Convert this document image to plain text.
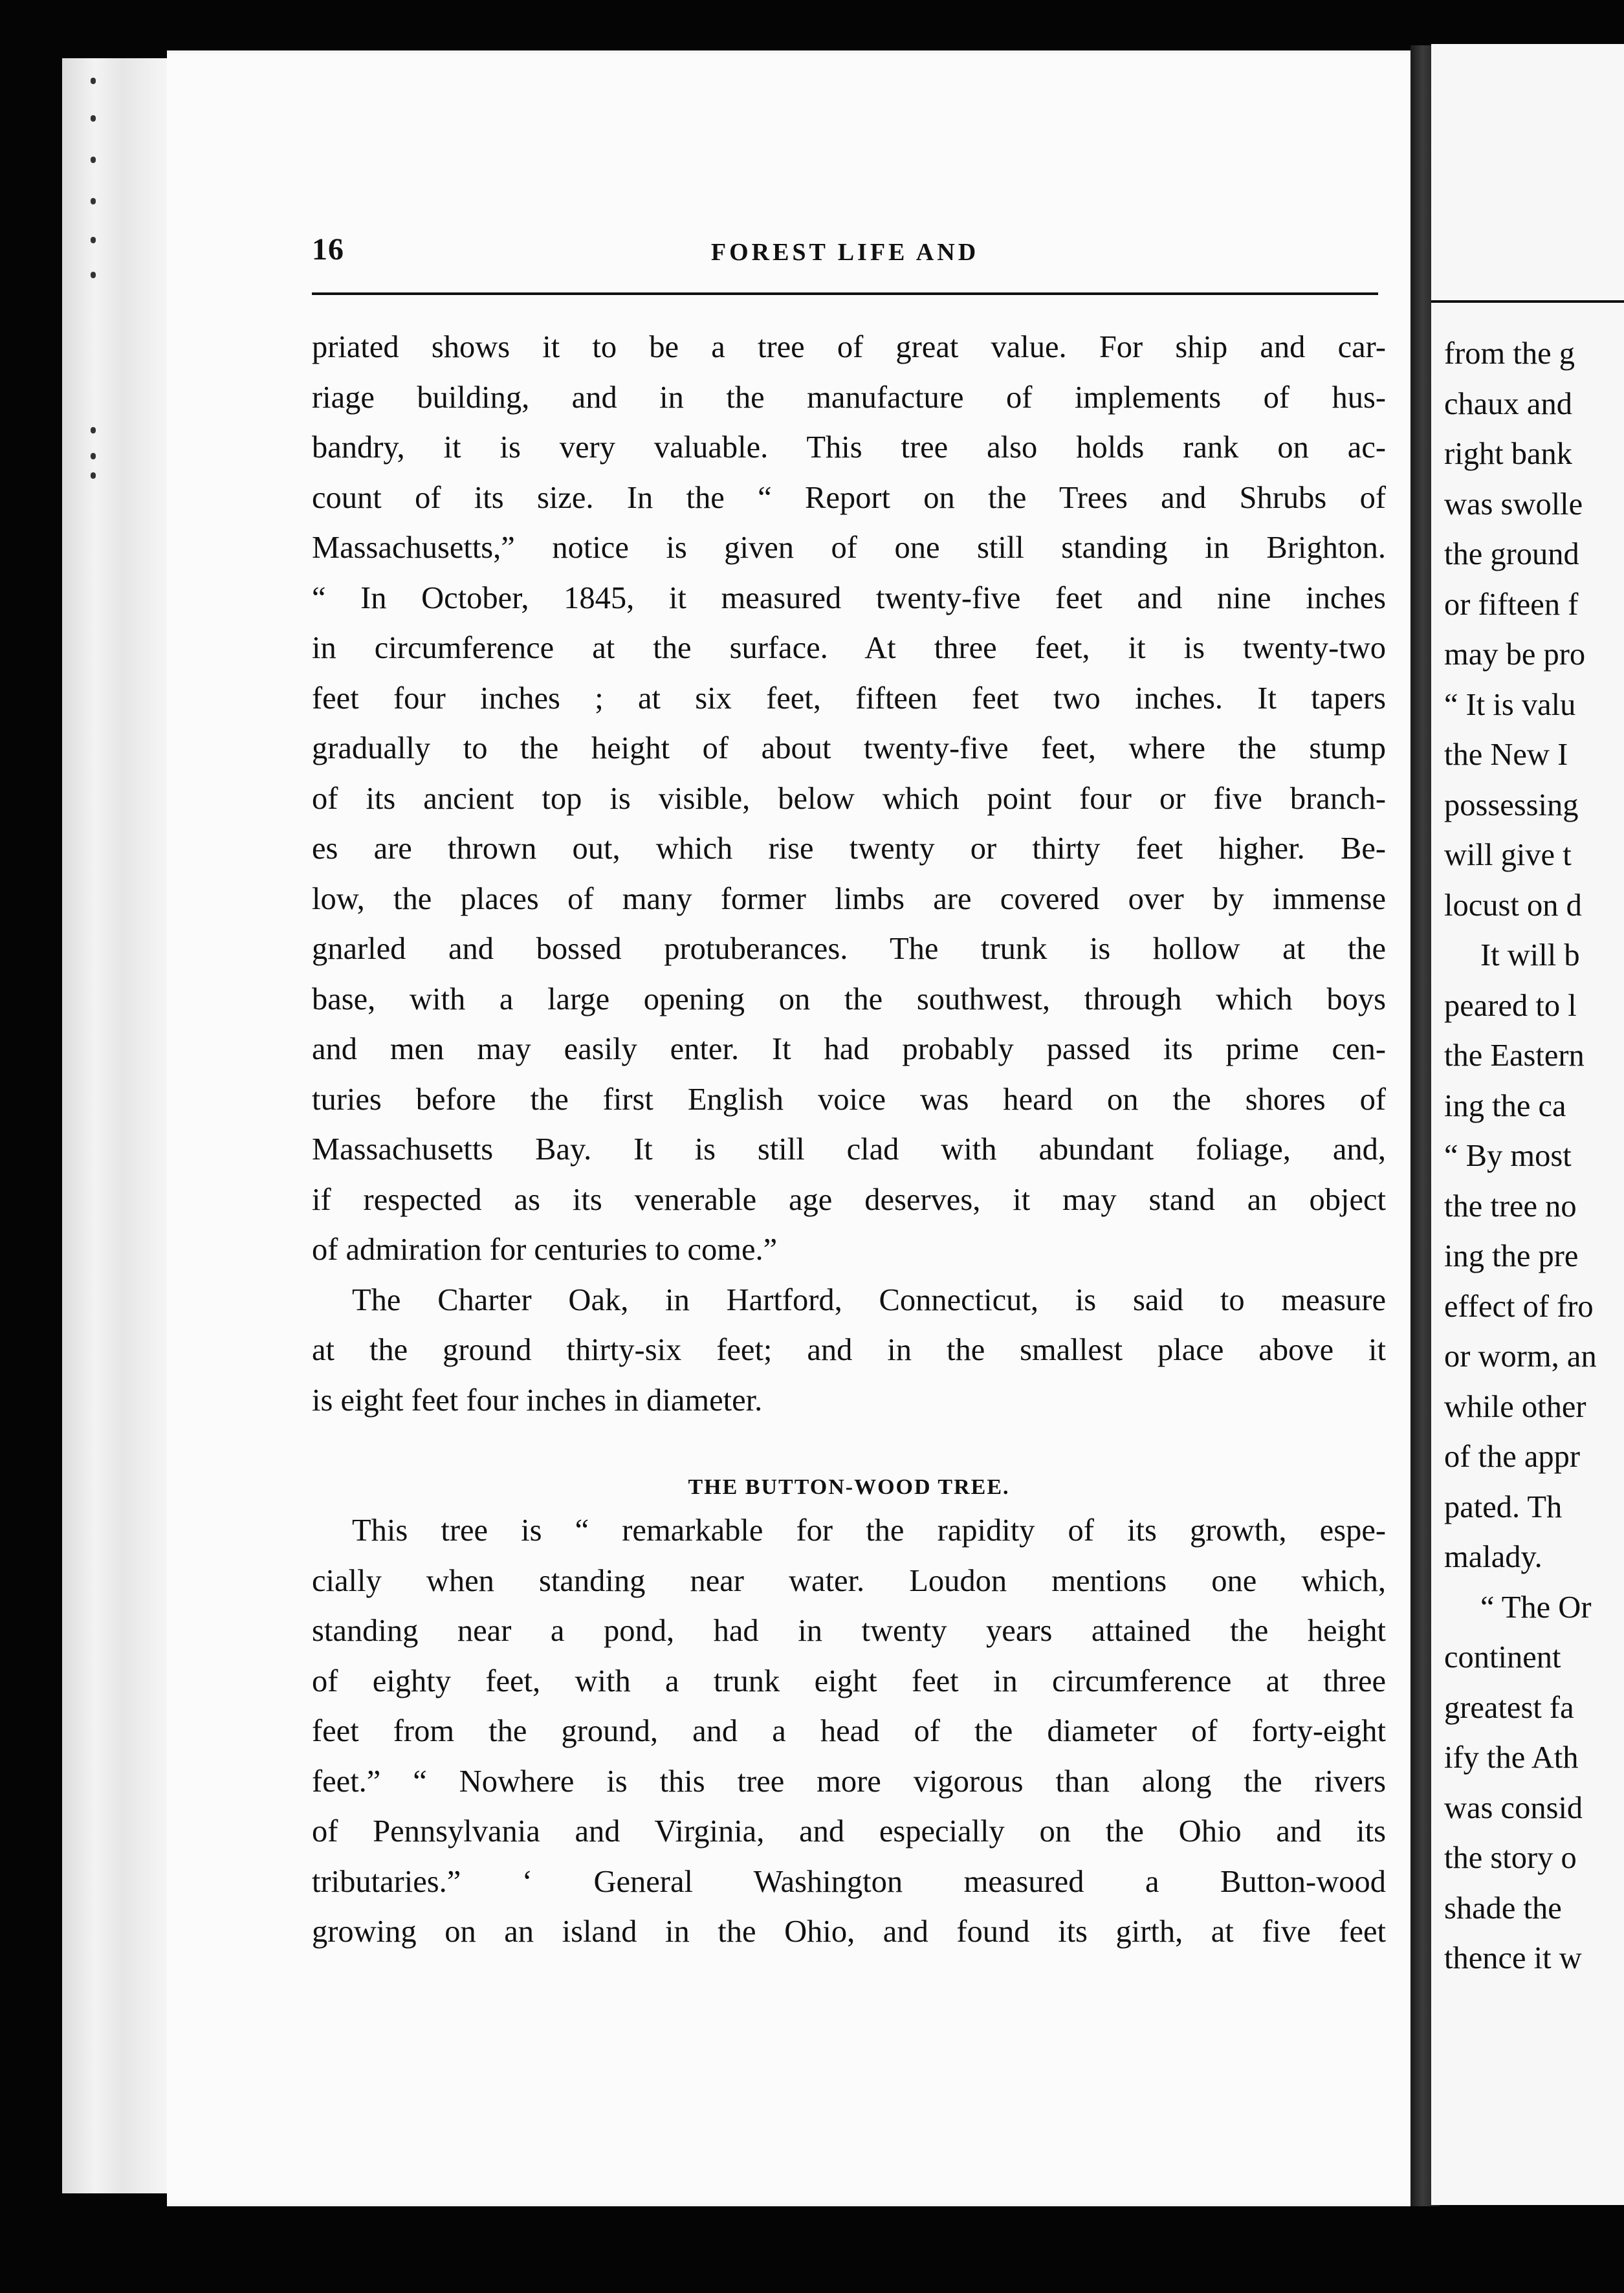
16	FOREST LIFE AND
priated shows it to be a tree of great value. For ship and car-
riage building, and in the manufacture of implements of hus-
bandry, it is very valuable. This tree also holds rank on ac-
count of its size. In the “ Report on the Trees and Shrubs of
Massachusetts,” notice is given of one still standing in Brighton.
“ In October, 1845, it measured twenty-five feet and nine inches
in circumference at the surface. At three feet, it is twenty-two
feet four inches ; at six feet, fifteen feet two inches. It tapers
gradually to the height of about twenty-five feet, where the stump
of its ancient top is visible, below which point four or five branch-
es are thrown out, which rise twenty or thirty feet higher. Be-
low, the places of many former limbs are covered over by immense
gnarled and bossed protuberances. The trunk is hollow at the
base, with a large opening on the southwest, through which boys
and men may easily enter. It had probably passed its prime cen-
turies before the first English voice was heard on the shores of
Massachusetts Bay. It is still clad with abundant foliage, and,
if respected as its venerable age deserves, it may stand an object
of admiration for centuries to come.”
The Charter Oak, in Hartford, Connecticut, is said to measure
at the ground thirty-six feet; and in the smallest place above it
is eight feet four inches in diameter.
THE BUTTON-WOOD TREE.
This tree is “ remarkable for the rapidity of its growth, espe-
cially when standing near water. Loudon mentions one which,
standing near a pond, had in twenty years attained the height
of eighty feet, with a trunk eight feet in circumference at three
feet from the ground, and a head of the diameter of forty-eight
feet.” “ Nowhere is this tree more vigorous than along the rivers
of Pennsylvania and Virginia, and especially on the Ohio and its
tributaries.” ‘ General Washington measured a Button-wood
growing on an island in the Ohio, and found its girth, at five feet
from the g
chaux and
right bank
was swolle
the ground
or fifteen f
may be pro
“ It is valu
the New I
possessing
will give t
locust on d
It will b
peared to l
the Eastern
ing the ca
“ By most
the tree no
ing the pre
effect of fro
or worm, an
while other
of the appr
pated. Th
malady.
“ The Or
continent
greatest fa
ify the Ath
was consid
the story o
shade the
thence it w
